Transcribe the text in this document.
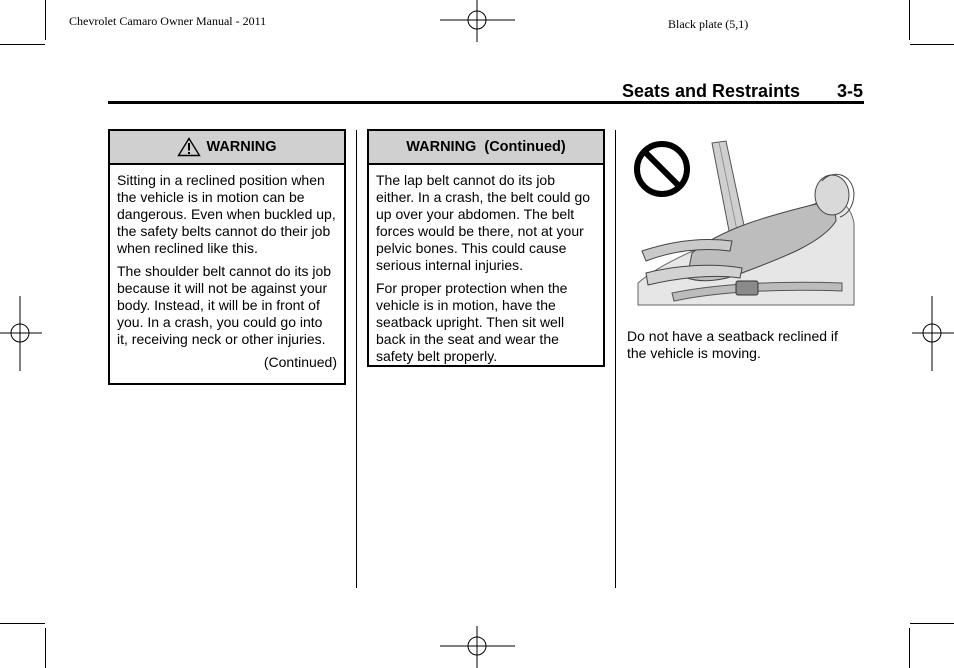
Chevrolet Camaro Owner Manual - 2011	Black plate (5,1)
Seats and Restraints 3-5
WARNING

Sitting in a reclined position when the vehicle is in motion can be dangerous. Even when buckled up, the safety belts cannot do their job when reclined like this.

The shoulder belt cannot do its job because it will not be against your body. Instead, it will be in front of you. In a crash, you could go into it, receiving neck or other injuries.

(Continued)
WARNING  (Continued)

The lap belt cannot do its job either. In a crash, the belt could go up over your abdomen. The belt forces would be there, not at your pelvic bones. This could cause serious internal injuries.

For proper protection when the vehicle is in motion, have the seatback upright. Then sit well back in the seat and wear the safety belt properly.

Do not have a seatback reclined if the vehicle is moving.
